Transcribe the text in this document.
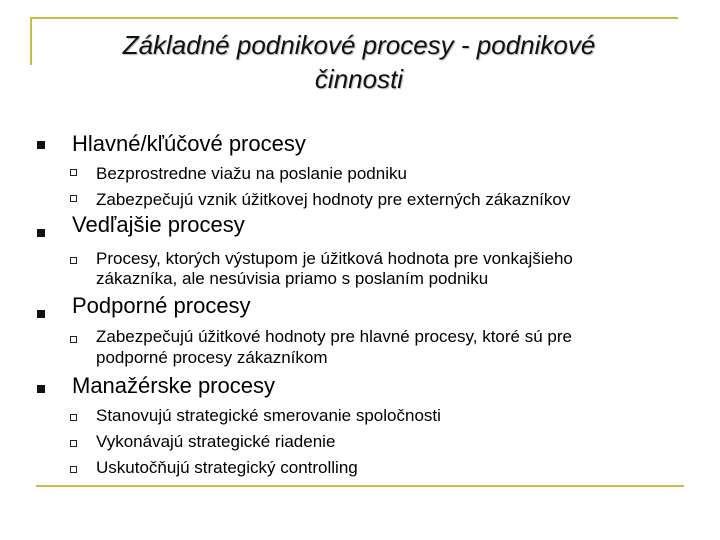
Základné podnikové procesy - podnikové
činnosti
Hlavné/kľúčové procesy
Bezprostredne viažu na poslanie podniku
Zabezpečujú vznik úžitkovej hodnoty pre externých zákazníkov
Vedľajšie procesy
Procesy, ktorých výstupom je úžitková hodnota pre vonkajšieho
zákazníka, ale nesúvisia priamo s poslaním podniku
Podporné procesy
Zabezpečujú úžitkové hodnoty pre hlavné procesy, ktoré sú pre
podporné procesy zákazníkom
Manažérske procesy
Stanovujú strategické smerovanie spoločnosti
Vykonávajú strategické riadenie
Uskutočňujú strategický controlling
